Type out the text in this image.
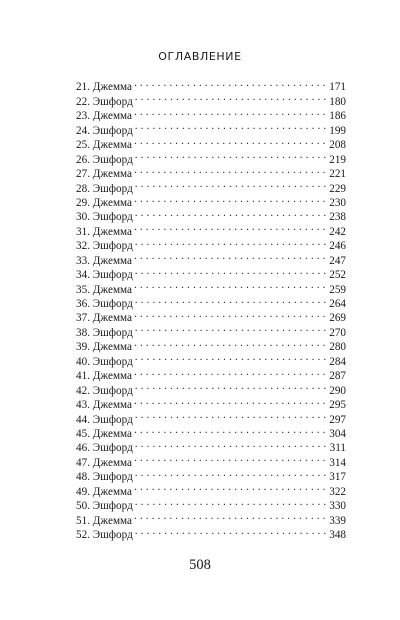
ОГЛАВЛЕНИЕ
21. Джемма . . .	171
22. Эшфорд . . .	180
23. Джемма . . .	186
24. Эшфорд . . .	199
25. Джемма . . .	208
26. Эшфорд . . .	219
27. Джемма . . .	221
28. Эшфорд . . .	229
29. Джемма . . .	230
30. Эшфорд . . .	238
31. Джемма . . .	242
32. Эшфорд . . .	246
33. Джемма . . .	247
34. Эшфорд . . .	252
35. Джемма . . .	259
36. Эшфорд . . .	264
37. Джемма . . .	269
38. Эшфорд . . .	270
39. Джемма . . .	280
40. Эшфорд . . .	284
41. Джемма . . .	287
42. Эшфорд . . .	290
43. Джемма . . .	295
44. Эшфорд . . .	297
45. Джемма . . .	304
46. Эшфорд . . .	311
47. Джемма . . .	314
48. Эшфорд . . .	317
49. Джемма . . .	322
50. Эшфорд . . .	330
51. Джемма . . .	339
52. Эшфорд . . .	348
508
